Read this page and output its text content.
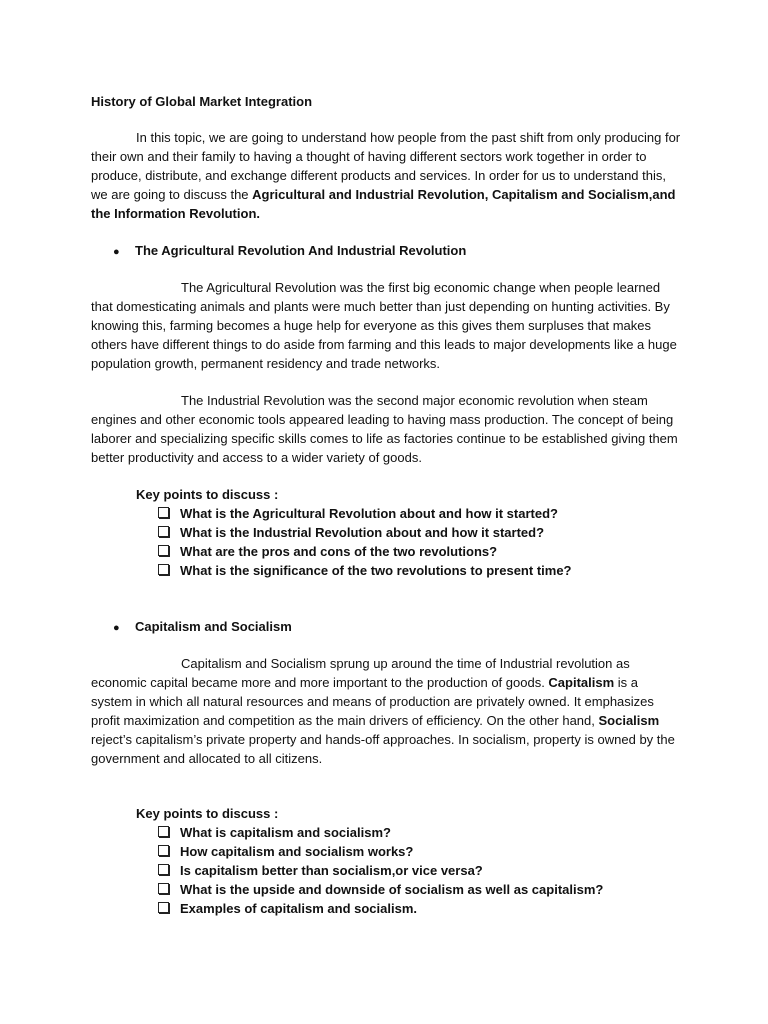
History of Global Market Integration

In this topic, we are going to understand how people from the past shift from only producing for their own and their family to having a thought of having different sectors work together in order to produce, distribute, and exchange different products and services. In order for us to understand this, we are going to discuss the Agricultural and Industrial Revolution, Capitalism and Socialism,and the Information Revolution.

● The Agricultural Revolution And Industrial Revolution

The Agricultural Revolution was the first big economic change when people learned that domesticating animals and plants were much better than just depending on hunting activities. By knowing this, farming becomes a huge help for everyone as this gives them surpluses that makes others have different things to do aside from farming and this leads to major developments like a huge population growth, permanent residency and trade networks.

The Industrial Revolution was the second major economic revolution when steam engines and other economic tools appeared leading to having mass production. The concept of being laborer and specializing specific skills comes to life as factories continue to be established giving them better productivity and access to a wider variety of goods.

Key points to discuss :
What is the Agricultural Revolution about and how it started?
What is the Industrial Revolution about and how it started?
What are the pros and cons of the two revolutions?
What is the significance of the two revolutions to present time?
● Capitalism and Socialism

Capitalism and Socialism sprung up around the time of Industrial revolution as economic capital became more and more important to the production of goods. Capitalism is a system in which all natural resources and means of production are privately owned. It emphasizes profit maximization and competition as the main drivers of efficiency. On the other hand, Socialism reject’s capitalism’s private property and hands-off approaches. In socialism, property is owned by the government and allocated to all citizens.

Key points to discuss :
What is capitalism and socialism?
How capitalism and socialism works?
Is capitalism better than socialism,or vice versa?
What is the upside and downside of socialism as well as capitalism?
Examples of capitalism and socialism.
